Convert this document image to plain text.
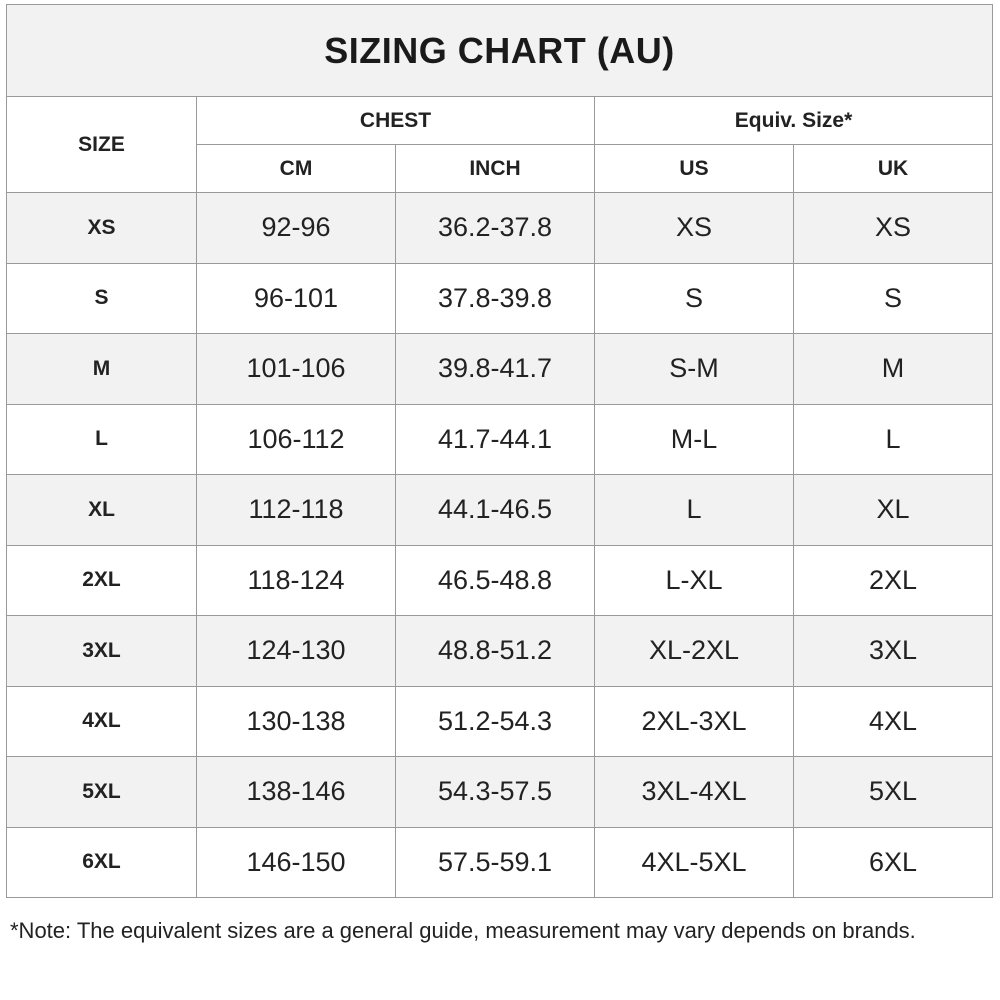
SIZING CHART (AU)				
SIZE	CHEST		Equiv. Size*	
	CM	INCH	US	UK
XS	92-96	36.2-37.8	XS	XS
S	96-101	37.8-39.8	S	S
M	101-106	39.8-41.7	S-M	M
L	106-112	41.7-44.1	M-L	L
XL	112-118	44.1-46.5	L	XL
2XL	118-124	46.5-48.8	L-XL	2XL
3XL	124-130	48.8-51.2	XL-2XL	3XL
4XL	130-138	51.2-54.3	2XL-3XL	4XL
5XL	138-146	54.3-57.5	3XL-4XL	5XL
6XL	146-150	57.5-59.1	4XL-5XL	6XL
*Note: The equivalent sizes are a general guide, measurement may vary depends on brands.
